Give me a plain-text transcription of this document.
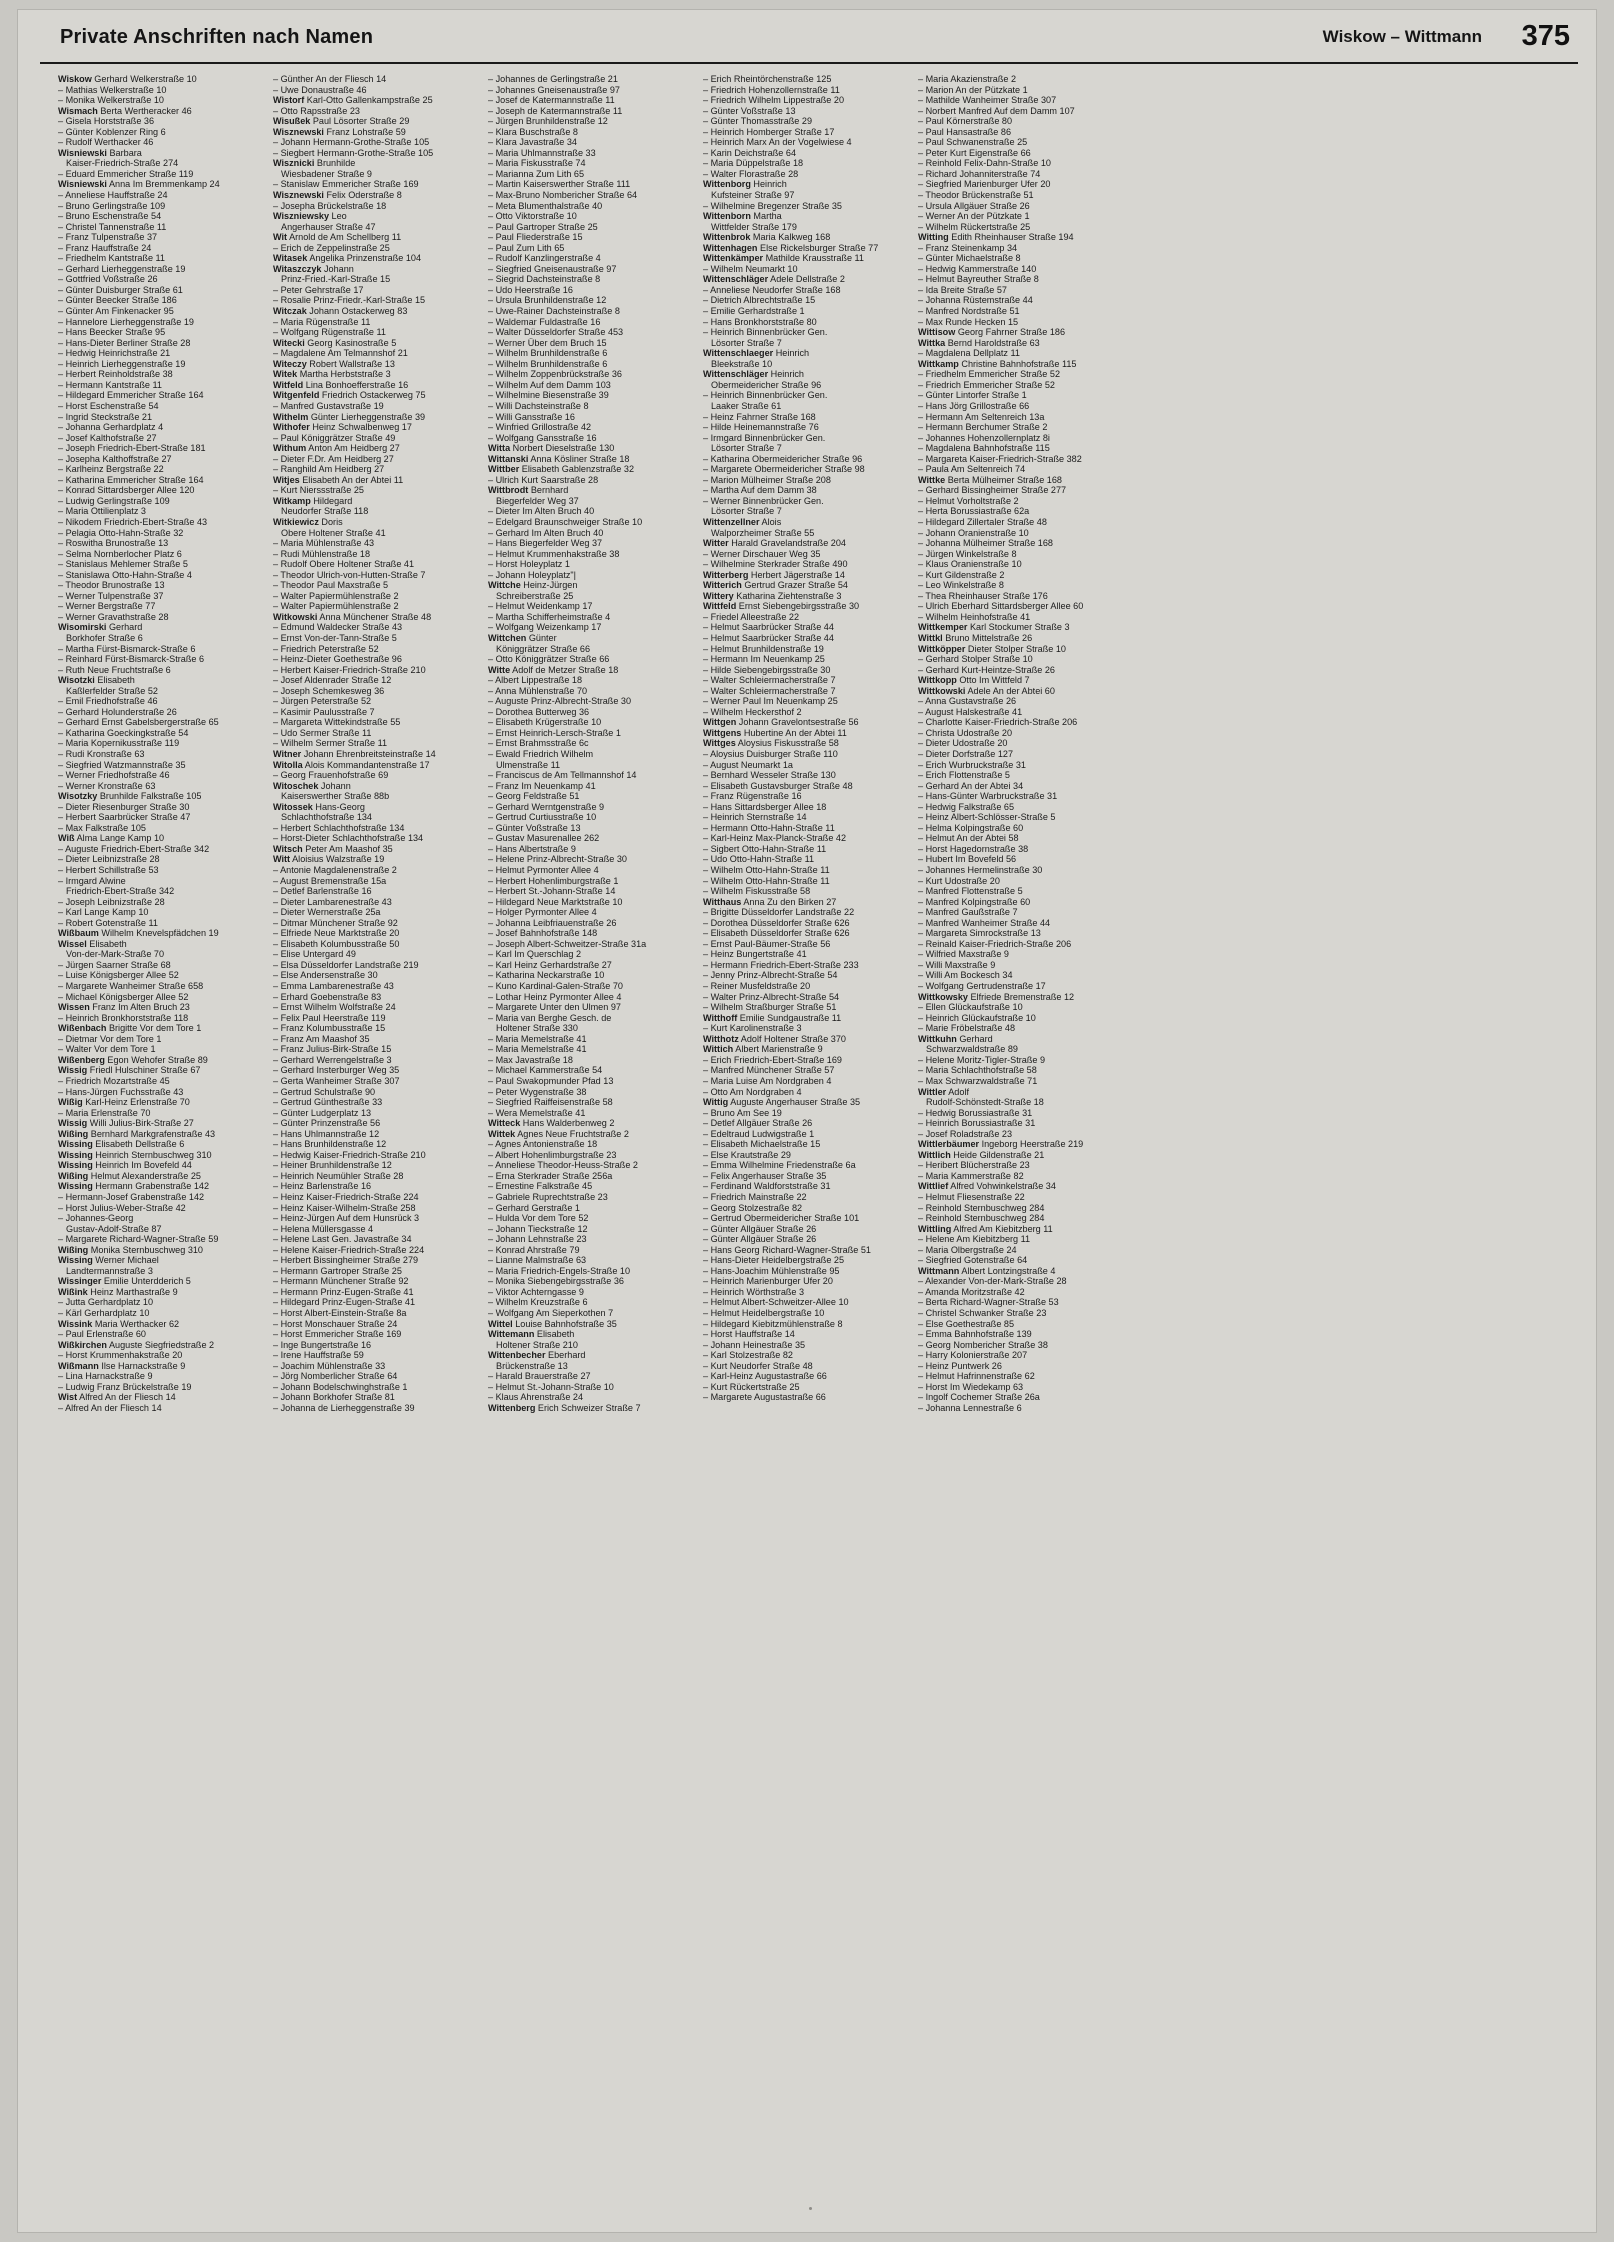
Private Anschriften nach Namen	Wiskow – Wittmann 375
Wiskow Gerhard Welkerstraße 10
– Mathias Welkerstraße 10
– Monika Welkerstraße 10
Wismach Berta Wertheracker 46
– Gisela Horststraße 36
– Günter Koblenzer Ring 6
– Rudolf Werthacker 46
Wisniewski Barbara
Kaiser-Friedrich-Straße 274
– Eduard Emmericher Straße 119
Wisniewski Anna Im Bremmenkamp 24
– Anneliese Hauffstraße 24
– Bruno Gerlingstraße 109
– Bruno Eschenstraße 54
– Christel Tannenstraße 11
– Franz Tulpenstraße 37
– Franz Hauffstraße 24
– Friedhelm Kantstraße 11
– Gerhard Lierheggenstraße 19
– Gottfried Voßstraße 26
– Günter Duisburger Straße 61
– Günter Beecker Straße 186
– Günter Am Finkenacker 95
– Hannelore Lierheggenstraße 19
– Hans Beecker Straße 95
– Hans-Dieter Berliner Straße 28
– Hedwig Heinrichstraße 21
– Heinrich Lierheggenstraße 19
– Herbert Reinholdstraße 38
– Hermann Kantstraße 11
– Hildegard Emmericher Straße 164
– Horst Eschenstraße 54
– Ingrid Steckstraße 21
– Johanna Gerhardplatz 4
– Josef Kalthofstraße 27
– Joseph Friedrich-Ebert-Straße 181
– Josepha Kalthoffstraße 27
– Karlheinz Bergstraße 22
– Katharina Emmericher Straße 164
– Konrad Sittardsberger Allee 120
– Ludwig Gerlingstraße 109
– Maria Ottilienplatz 3
– Nikodem Friedrich-Ebert-Straße 43
– Pelagia Otto-Hahn-Straße 32
– Roswitha Brunostraße 13
– Selma Nornberlocher Platz 6
– Stanislaus Mehlemer Straße 5
– Stanislawa Otto-Hahn-Straße 4
– Theodor Brunostraße 13
– Werner Tulpenstraße 37
– Werner Bergstraße 77
– Werner Gravathstraße 28
Wisomirski Gerhard
Borkhofer Straße 6
– Martha Fürst-Bismarck-Straße 6
– Reinhard Fürst-Bismarck-Straße 6
– Ruth Neue Fruchtstraße 6
Wisotzki Elisabeth
Kaßlerfelder Straße 52
– Emil Friedhofstraße 46
– Gerhard Holunderstraße 26
– Gerhard Ernst Gabelsbergerstraße 65
– Katharina Goeckingkstraße 54
– Maria Kopernikusstraße 119
– Rudi Kronstraße 63
– Siegfried Watzmannstraße 35
– Werner Friedhofstraße 46
– Werner Kronstraße 63
Wisotzky Brunhilde Falkstraße 105
– Dieter Riesenburger Straße 30
– Herbert Saarbrücker Straße 47
– Max Falkstraße 105
Wiß Alma Lange Kamp 10
– Auguste Friedrich-Ebert-Straße 342
– Dieter Leibnizstraße 28
– Herbert Schillstraße 53
– Irmgard Alwine
Friedrich-Ebert-Straße 342
– Joseph Leibnizstraße 28
– Karl Lange Kamp 10
– Robert Gotenstraße 11
Wißbaum Wilhelm Knevelspfädchen 19
Wissel Elisabeth
Von-der-Mark-Straße 70
– Jürgen Saarner Straße 68
– Luise Königsberger Allee 52
– Margarete Wanheimer Straße 658
– Michael Königsberger Allee 52
Wissen Franz Im Alten Bruch 23
– Heinrich Bronkhorststraße 118
Wißenbach Brigitte Vor dem Tore 1
– Dietmar Vor dem Tore 1
– Walter Vor dem Tore 1
Wißenberg Egon Wehofer Straße 89
Wissig Friedl Hulschiner Straße 67
– Friedrich Mozartstraße 45
– Hans-Jürgen Fuchsstraße 43
Wißig Karl-Heinz Erlenstraße 70
– Maria Erlenstraße 70
Wissig Willi Julius-Birk-Straße 27
Wißing Bernhard Markgrafenstraße 43
Wissing Elisabeth Dellstraße 6
Wissing Heinrich Sternbuschweg 310
Wissing Heinrich Im Bovefeld 44
Wißing Helmut Alexanderstraße 25
Wissing Hermann Grabenstraße 142
– Hermann-Josef Grabenstraße 142
– Horst Julius-Weber-Straße 42
– Johannes-Georg
Gustav-Adolf-Straße 87
– Margarete Richard-Wagner-Straße 59
Wißing Monika Sternbuschweg 310
Wissing Werner Michael
Landtermannstraße 3
Wissinger Emilie Unterdderich 5
Wißink Heinz Marthastraße 9
– Jutta Gerhardplatz 10
– Kärl Gerhardplatz 10
Wissink Maria Werthacker 62
– Paul Erlenstraße 60
Wißkirchen Auguste Siegfriedstraße 2
– Horst Krummenhakstraße 20
Wißmann Ilse Harnackstraße 9
– Lina Harnackstraße 9
– Ludwig Franz Brückelstraße 19
Wist Alfred An der Fliesch 14
– Alfred An der Fliesch 14
– Günther An der Fliesch 14
– Uwe Donaustraße 46
Wistorf Karl-Otto Gallenkampstraße 25
– Otto Rapsstraße 23
Wisußek Paul Lösorter Straße 29
Wisznewski Franz Lohstraße 59
– Johann Hermann-Grothe-Straße 105
– Siegbert Hermann-Grothe-Straße 105
Wisznicki Brunhilde
Wiesbadener Straße 9
– Stanislaw Emmericher Straße 169
Wisznewski Felix Oderstraße 8
– Josepha Brückelstraße 18
Wiszniewsky Leo
Angerhauser Straße 47
Wit Arnold de Am Schellberg 11
– Erich de Zeppelinstraße 25
Witasek Angelika Prinzenstraße 104
Witaszczyk Johann
Prinz-Fried.-Karl-Straße 15
– Peter Gehrstraße 17
– Rosalie Prinz-Friedr.-Karl-Straße 15
Witczak Johann Ostackerweg 83
– Maria Rügenstraße 11
– Wolfgang Rügenstraße 11
Witecki Georg Kasinostraße 5
– Magdalene Am Telmannshof 21
Witeczy Robert Wallstraße 13
Witek Martha Herbststraße 3
Witfeld Lina Bonhoefferstraße 16
Witgenfeld Friedrich Ostackerweg 75
– Manfred Gustavstraße 19
Withelm Günter Lierheggenstraße 39
Withofer Heinz Schwalbenweg 17
– Paul Königgrätzer Straße 49
Withum Anton Am Heidberg 27
– Dieter F.Dr. Am Heidberg 27
– Ranghild Am Heidberg 27
Witjes Elisabeth An der Abtei 11
– Kurt Nierssstraße 25
Witkamp Hildegard
Neudorfer Straße 118
Witkiewicz Doris
Obere Holtener Straße 41
– Maria Mühlenstraße 43
– Rudi Mühlenstraße 18
– Rudolf Obere Holtener Straße 41
– Theodor Ulrich-von-Hutten-Straße 7
– Theodor Paul Maxstraße 5
– Walter Papiermühlenstraße 2
– Walter Papiermühlenstraße 2
Witkowski Anna Münchener Straße 48
– Edmund Waldecker Straße 43
– Ernst Von-der-Tann-Straße 5
– Friedrich Peterstraße 52
– Heinz-Dieter Goethestraße 96
– Herbert Kaiser-Friedrich-Straße 210
– Josef Aldenrader Straße 12
– Joseph Schemkesweg 36
– Jürgen Peterstraße 52
– Kasimir Paulusstraße 7
– Margareta Wittekindstraße 55
– Udo Sermer Straße 11
– Wilhelm Sermer Straße 11
Witner Johann Ehrenbreitsteinstraße 14
Witolla Alois Kommandantenstraße 17
– Georg Frauenhofstraße 69
Witoschek Johann
Kaiserswerther Straße 88b
Witossek Hans-Georg
Schlachthofstraße 134
– Herbert Schlachthofstraße 134
– Horst-Dieter Schlachthofstraße 134
Witsch Peter Am Maashof 35
Witt Aloisius Walzstraße 19
– Antonie Magdalenenstraße 2
– August Bremenstraße 15a
– Detlef Barlenstraße 16
– Dieter Lambarenestraße 43
– Dieter Wernerstraße 25a
– Ditmar Münchener Straße 92
– Elfriede Neue Marktstraße 20
– Elisabeth Kolumbusstraße 50
– Elise Untergard 49
– Elsa Düsseldorfer Landstraße 219
– Else Andersenstraße 30
– Emma Lambarenestraße 43
– Erhard Goebenstraße 83
– Ernst Wilhelm Wolfstraße 24
– Felix Paul Heerstraße 119
– Franz Kolumbusstraße 15
– Franz Am Maashof 35
– Franz Julius-Birk-Straße 15
– Gerhard Werrengelstraße 3
– Gerhard Insterburger Weg 35
– Gerta Wanheimer Straße 307
– Gertrud Schulstraße 90
– Gertrud Günthestraße 33
– Günter Ludgerplatz 13
– Günter Prinzenstraße 56
– Hans Uhlmannstraße 12
– Hans Brunhildenstraße 12
– Hedwig Kaiser-Friedrich-Straße 210
– Heiner Brunhildenstraße 12
– Heinrich Neumühler Straße 28
– Heinz Barlenstraße 16
– Heinz Kaiser-Friedrich-Straße 224
– Heinz Kaiser-Wilhelm-Straße 258
– Heinz-Jürgen Auf dem Hunsrück 3
– Helena Müllersgasse 4
– Helene Last Gen. Javastraße 34
– Helene Kaiser-Friedrich-Straße 224
– Herbert Bissingheimer Straße 279
– Hermann Gartroper Straße 25
– Hermann Münchener Straße 92
– Hermann Prinz-Eugen-Straße 41
– Hildegard Prinz-Eugen-Straße 41
– Horst Albert-Einstein-Straße 8a
– Horst Monschauer Straße 24
– Horst Emmericher Straße 169
– Inge Bungertstraße 16
– Irene Hauffstraße 59
– Joachim Mühlenstraße 33
– Jörg Nomberlicher Straße 64
– Johann Bodelschwinghstraße 1
– Johann Borkhofer Straße 81
– Johanna de Lierheggenstraße 39
– Johannes de Gerlingstraße 21
– Johannes Gneisenaustraße 97
– Josef de Katermannstraße 11
– Joseph de Katermannstraße 11
– Jürgen Brunhildenstraße 12
– Klara Buschstraße 8
– Klara Javastraße 34
– Maria Uhlmannstraße 33
– Maria Fiskusstraße 74
– Marianna Zum Lith 65
– Martin Kaiserswerther Straße 111
– Max-Bruno Nombericher Straße 64
– Meta Blumenthalstraße 40
– Otto Viktorstraße 10
– Paul Gartroper Straße 25
– Paul Fliederstraße 15
– Paul Zum Lith 65
– Rudolf Kanzlingerstraße 4
– Siegfried Gneisenaustraße 97
– Siegrid Dachsteinstraße 8
– Udo Heerstraße 16
– Ursula Brunhildenstraße 12
– Uwe-Rainer Dachsteinstraße 8
– Waldemar Fuldastraße 16
– Walter Düsseldorfer Straße 453
– Werner Über dem Bruch 15
– Wilhelm Brunhildenstraße 6
– Wilhelm Brunhildenstraße 6
– Wilhelm Zoppenbrückstraße 36
– Wilhelm Auf dem Damm 103
– Wilhelmine Biesenstraße 39
– Willi Dachsteinstraße 8
– Willi Gansstraße 16
– Winfried Grillostraße 42
– Wolfgang Gansstraße 16
Witta Norbert Dieselstraße 130
Wittanski Anna Kösliner Straße 18
Wittber Elisabeth Gablenzstraße 32
– Ulrich Kurt Saarstraße 28
Wittbrodt Bernhard
Biegerfelder Weg 37
– Dieter Im Alten Bruch 40
– Edelgard Braunschweiger Straße 10
– Gerhard Im Alten Bruch 40
– Hans Biegerfelder Weg 37
– Helmut Krummenhakstraße 38
– Horst Holeyplatz 1
– Johann Holeyplatz"|
Wittche Heinz-Jürgen
Schreiberstraße 25
– Helmut Weidenkamp 17
– Martha Schifferheimstraße 4
– Wolfgang Weizenkamp 17
Wittchen Günter
Königgrätzer Straße 66
– Otto Königgrätzer Straße 66
Witte Adolf de Metzer Straße 18
– Albert Lippestraße 18
– Anna Mühlenstraße 70
– Auguste Prinz-Albrecht-Straße 30
– Dorothea Butterweg 36
– Elisabeth Krügerstraße 10
– Ernst Heinrich-Lersch-Straße 1
– Ernst Brahmsstraße 6c
– Ewald Friedrich Wilhelm
Ulmenstraße 11
– Franciscus de Am Tellmannshof 14
– Franz Im Neuenkamp 41
– Georg Feldstraße 51
– Gerhard Werntgenstraße 9
– Gertrud Curtiusstraße 10
– Günter Voßstraße 13
– Gustav Masurenallee 262
– Hans Albertstraße 9
– Helene Prinz-Albrecht-Straße 30
– Helmut Pyrmonter Allee 4
– Herbert Hohenlimburgstraße 1
– Herbert St.-Johann-Straße 14
– Hildegard Neue Marktstraße 10
– Holger Pyrmonter Allee 4
– Johanna Leibfriauenstraße 26
– Josef Bahnhofstraße 148
– Joseph Albert-Schweitzer-Straße 31a
– Karl Im Querschlag 2
– Karl Heinz Gerhardstraße 27
– Katharina Neckarstraße 10
– Kuno Kardinal-Galen-Straße 70
– Lothar Heinz Pyrmonter Allee 4
– Margarete Unter den Ulmen 97
– Maria van Berghe Gesch. de
Holtener Straße 330
– Maria Memelstraße 41
– Maria Memelstraße 41
– Max Javastraße 18
– Michael Kammerstraße 54
– Paul Swakopmunder Pfad 13
– Peter Wygenstraße 38
– Siegfried Raiffeisenstraße 58
– Wera Memelstraße 41
Witteck Hans Walderbenweg 2
Wittek Agnes Neue Fruchtstraße 2
– Agnes Antonienstraße 18
– Albert Hohenlimburgstraße 23
– Anneliese Theodor-Heuss-Straße 2
– Erna Sterkrader Straße 256a
– Ernestine Falkstraße 45
– Gabriele Ruprechtstraße 23
– Gerhard Gerstraße 1
– Hulda Vor dem Tore 52
– Johann Tieckstraße 12
– Johann Lehnstraße 23
– Konrad Ahrstraße 79
– Lianne Malmstraße 63
– Maria Friedrich-Engels-Straße 10
– Monika Siebengebirgsstraße 36
– Viktor Achterngasse 9
– Wilhelm Kreuzstraße 6
– Wolfgang Am Sieperkothen 7
Wittel Louise Bahnhofstraße 35
Wittemann Elisabeth
Holtener Straße 210
Wittenbecher Eberhard
Brückenstraße 13
– Harald Brauerstraße 27
– Helmut St.-Johann-Straße 10
– Klaus Ahrenstraße 24
Wittenberg Erich Schweizer Straße 7
– Erich Rheintörchenstraße 125
– Friedrich Hohenzollernstraße 11
– Friedrich Wilhelm Lippestraße 20
– Günter Voßstraße 13
– Günter Thomasstraße 29
– Heinrich Homberger Straße 17
– Heinrich Marx An der Vogelwiese 4
– Karin Deichstraße 64
– Maria Düppelstraße 18
– Walter Florastraße 28
Wittenborg Heinrich
Kufsteiner Straße 97
– Wilhelmine Bregenzer Straße 35
Wittenborn Martha
Wittfelder Straße 179
Wittenbrok Maria Kalkweg 168
Wittenhagen Else Rickelsburger Straße 77
Wittenkämper Mathilde Krausstraße 11
– Wilhelm Neumarkt 10
Wittenschläger Adele Dellstraße 2
– Anneliese Neudorfer Straße 168
– Dietrich Albrechtstraße 15
– Emilie Gerhardstraße 1
– Hans Bronkhorststraße 80
– Heinrich Binnenbrücker Gen.
Lösorter Straße 7
Wittenschlaeger Heinrich
Bleekstraße 10
Wittenschläger Heinrich
Obermeidericher Straße 96
– Heinrich Binnenbrücker Gen.
Laaker Straße 61
– Heinz Fahrner Straße 168
– Hilde Heinemannstraße 76
– Irmgard Binnenbrücker Gen.
Lösorter Straße 7
– Katharina Obermeidericher Straße 96
– Margarete Obermeidericher Straße 98
– Marion Mülheimer Straße 208
– Martha Auf dem Damm 38
– Werner Binnenbrücker Gen.
Lösorter Straße 7
Wittenzellner Alois
Walporzheimer Straße 55
Witter Harald Gravelandstraße 204
– Werner Dirschauer Weg 35
– Wilhelmine Sterkrader Straße 490
Witterberg Herbert Jägerstraße 14
Witterich Gertrud Grazer Straße 54
Wittery Katharina Ziehtenstraße 3
Wittfeld Ernst Siebengebirgsstraße 30
– Friedel Alleestraße 22
– Helmut Saarbrücker Straße 44
– Helmut Saarbrücker Straße 44
– Helmut Brunhildenstraße 19
– Hermann Im Neuenkamp 25
– Hilde Siebengebirgsstraße 30
– Walter Schleiermacherstraße 7
– Walter Schleiermacherstraße 7
– Werner Paul Im Neuenkamp 25
– Wilhelm Heckersthof 2
Wittgen Johann Gravelontsestraße 56
Wittgens Hubertine An der Abtei 11
Wittges Aloysius Fiskusstraße 58
– Aloysius Duisburger Straße 110
– August Neumarkt 1a
– Bernhard Wesseler Straße 130
– Elisabeth Gustavsburger Straße 48
– Franz Rügenstraße 16
– Hans Sittardsberger Allee 18
– Heinrich Sternstraße 14
– Hermann Otto-Hahn-Straße 11
– Karl-Heinz Max-Planck-Straße 42
– Sigbert Otto-Hahn-Straße 11
– Udo Otto-Hahn-Straße 11
– Wilhelm Otto-Hahn-Straße 11
– Wilhelm Otto-Hahn-Straße 11
– Wilhelm Fiskusstraße 58
Witthaus Anna Zu den Birken 27
– Brigitte Düsseldorfer Landstraße 22
– Dorothea Düsseldorfer Straße 626
– Elisabeth Düsseldorfer Straße 626
– Ernst Paul-Bäumer-Straße 56
– Heinz Bungertstraße 41
– Hermann Friedrich-Ebert-Straße 233
– Jenny Prinz-Albrecht-Straße 54
– Reiner Musfeldstraße 20
– Walter Prinz-Albrecht-Straße 54
– Wilhelm Straßburger Straße 51
Witthoff Emilie Sundgaustraße 11
– Kurt Karolinenstraße 3
Witthotz Adolf Holtener Straße 370
Wittich Albert Marienstraße 9
– Erich Friedrich-Ebert-Straße 169
– Manfred Münchener Straße 57
– Maria Luise Am Nordgraben 4
– Otto Am Nordgraben 4
Wittig Auguste Angerhauser Straße 35
– Bruno Am See 19
– Detlef Allgäuer Straße 26
– Edeltraud Ludwigstraße 1
– Elisabeth Michaelstraße 15
– Else Krautstraße 29
– Emma Wilhelmine Friedenstraße 6a
– Felix Angerhauser Straße 35
– Ferdinand Waldforststraße 31
– Friedrich Mainstraße 22
– Georg Stolzestraße 82
– Gertrud Obermeidericher Straße 101
– Günter Allgäuer Straße 26
– Günter Allgäuer Straße 26
– Hans Georg Richard-Wagner-Straße 51
– Hans-Dieter Heidelbergstraße 25
– Hans-Joachim Mühlenstraße 95
– Heinrich Marienburger Ufer 20
– Heinrich Wörthstraße 3
– Helmut Albert-Schweitzer-Allee 10
– Helmut Heidelbergstraße 10
– Hildegard Kiebitzmühlenstraße 8
– Horst Hauffstraße 14
– Johann Heinestraße 35
– Karl Stolzestraße 82
– Kurt Neudorfer Straße 48
– Karl-Heinz Augustastraße 66
– Kurt Rückertstraße 25
– Margarete Augustastraße 66
– Maria Akazienstraße 2
– Marion An der Pützkate 1
– Mathilde Wanheimer Straße 307
– Norbert Manfred Auf dem Damm 107
– Paul Körnerstraße 80
– Paul Hansastraße 86
– Paul Schwanenstraße 25
– Peter Kurt Eigenstraße 66
– Reinhold Felix-Dahn-Straße 10
– Richard Johanniterstraße 74
– Siegfried Marienburger Ufer 20
– Theodor Brückenstraße 51
– Ursula Allgäuer Straße 26
– Werner An der Pützkate 1
– Wilhelm Rückertstraße 25
Witting Edith Rheinhauser Straße 194
– Franz Steinenkamp 34
– Günter Michaelstraße 8
– Hedwig Kammerstraße 140
– Helmut Bayreuther Straße 8
– Ida Breite Straße 57
– Johanna Rüstemstraße 44
– Manfred Nordstraße 51
– Max Runde Hecken 15
Wittisow Georg Fahrner Straße 186
Wittka Bernd Haroldstraße 63
– Magdalena Dellplatz 11
Wittkamp Christine Bahnhofstraße 115
– Friedhelm Emmericher Straße 52
– Friedrich Emmericher Straße 52
– Günter Lintorfer Straße 1
– Hans Jörg Grillostraße 66
– Hermann Am Seltenreich 13a
– Hermann Berchumer Straße 2
– Johannes Hohenzollernplatz 8i
– Magdalena Bahnhofstraße 115
– Margareta Kaiser-Friedrich-Straße 382
– Paula Am Seltenreich 74
Wittke Berta Mülheimer Straße 168
– Gerhard Bissingheimer Straße 277
– Helmut Vorholtstraße 2
– Herta Borussiastraße 62a
– Hildegard Zillertaler Straße 48
– Johann Oranienstraße 10
– Johanna Mülheimer Straße 168
– Jürgen Winkelstraße 8
– Klaus Oranienstraße 10
– Kurt Gildenstraße 2
– Leo Winkelstraße 8
– Thea Rheinhauser Straße 176
– Ulrich Eberhard Sittardsberger Allee 60
– Wilhelm Heinhofstraße 41
Wittkemper Karl Stockumer Straße 3
Wittkl Bruno Mittelstraße 26
Wittköpper Dieter Stolper Straße 10
– Gerhard Stolper Straße 10
– Gerhard Kurt-Heintze-Straße 26
Wittkopp Otto Im Wittfeld 7
Wittkowski Adele An der Abtei 60
– Anna Gustavstraße 26
– August Halskestraße 41
– Charlotte Kaiser-Friedrich-Straße 206
– Christa Udostraße 20
– Dieter Udostraße 20
– Dieter Dorfstraße 127
– Erich Wurbruckstraße 31
– Erich Flottenstraße 5
– Gerhard An der Abtei 34
– Hans-Günter Warbruckstraße 31
– Hedwig Falkstraße 65
– Heinz Albert-Schlösser-Straße 5
– Helma Kolpingstraße 60
– Helmut An der Abtei 58
– Horst Hagedornstraße 38
– Hubert Im Bovefeld 56
– Johannes Hermelinstraße 30
– Kurt Udostraße 20
– Manfred Flottenstraße 5
– Manfred Kolpingstraße 60
– Manfred Gaußstraße 7
– Manfred Wanheimer Straße 44
– Margareta Simrockstraße 13
– Reinald Kaiser-Friedrich-Straße 206
– Wilfried Maxstraße 9
– Willi Maxstraße 9
– Willi Am Bockesch 34
– Wolfgang Gertrudenstraße 17
Wittkowsky Elfriede Bremenstraße 12
– Ellen Glückaufstraße 10
– Heinrich Glückaufstraße 10
– Marie Fröbelstraße 48
Wittkuhn Gerhard
Schwarzwaldstraße 89
– Helene Moritz-Tigler-Straße 9
– Maria Schlachthofstraße 58
– Max Schwarzwaldstraße 71
Wittler Adolf
Rudolf-Schönstedt-Straße 18
– Hedwig Borussiastraße 31
– Heinrich Borussiastraße 31
– Josef Roladstraße 23
Wittlerbäumer Ingeborg Heerstraße 219
Wittlich Heide Gildenstraße 21
– Heribert Blücherstraße 23
– Maria Kammerstraße 82
Wittlief Alfred Vohwinkelstraße 34
– Helmut Fliesenstraße 22
– Reinhold Sternbuschweg 284
– Reinhold Sternbuschweg 284
Wittling Alfred Am Kiebitzberg 11
– Helene Am Kiebitzberg 11
– Maria Olbergstraße 24
– Siegfried Gotenstraße 64
Wittmann Albert Lontzingstraße 4
– Alexander Von-der-Mark-Straße 28
– Amanda Moritzstraße 42
– Berta Richard-Wagner-Straße 53
– Christel Schwanker Straße 23
– Else Goethestraße 85
– Emma Bahnhofstraße 139
– Georg Nombericher Straße 38
– Harry Kolonierstraße 207
– Heinz Puntwerk 26
– Helmut Hafrinnenstraße 62
– Horst Im Wiedekamp 63
– Ingolf Cochemer Straße 26a
– Johanna Lennestraße 6
